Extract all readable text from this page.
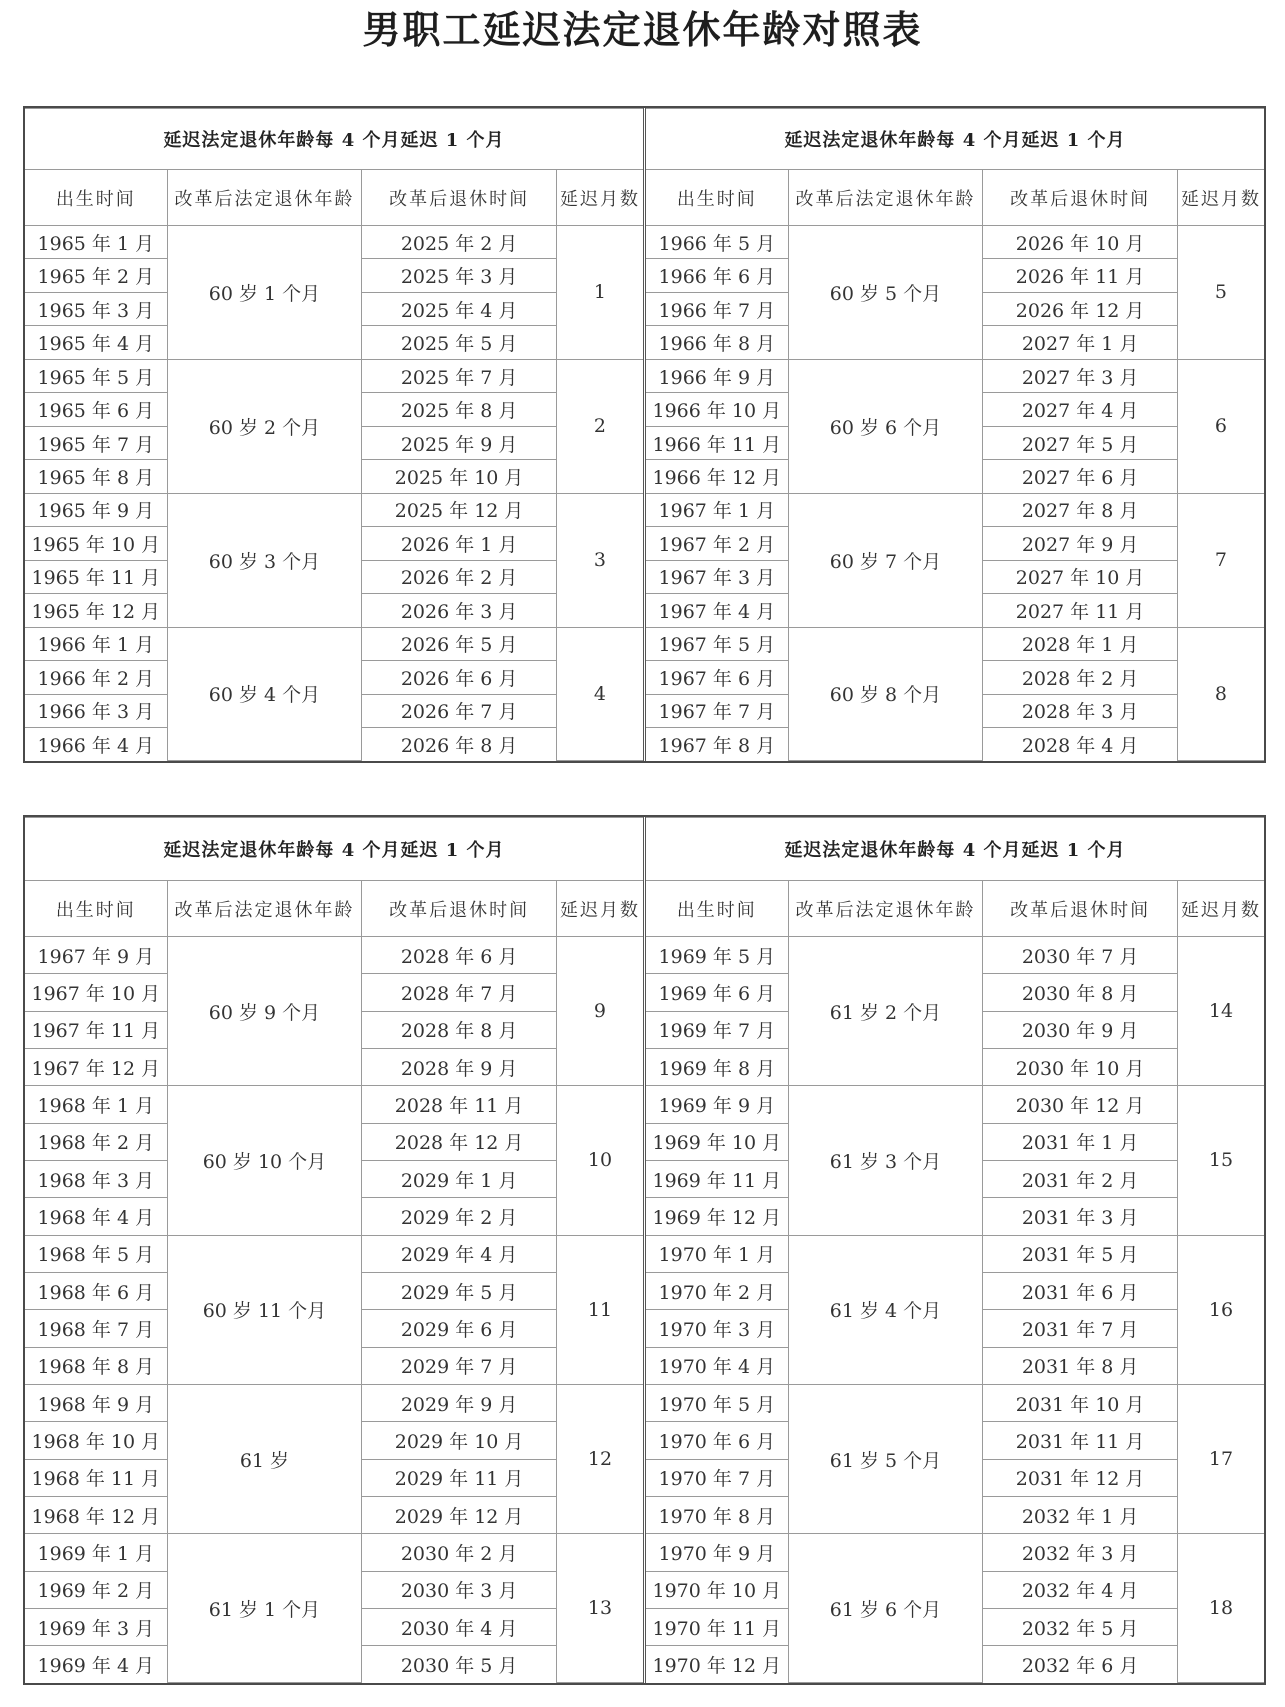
男职工延迟法定退休年龄对照表
延迟法定退休年龄每 4 个月延迟 1 个月			
出生时间	改革后法定退休年龄	改革后退休时间	延迟月数
1965 年 1 月	60 岁 1 个月	2025 年 2 月	1
1965 年 2 月		2025 年 3 月	
1965 年 3 月		2025 年 4 月	
1965 年 4 月		2025 年 5 月	
1965 年 5 月	60 岁 2 个月	2025 年 7 月	2
1965 年 6 月		2025 年 8 月	
1965 年 7 月		2025 年 9 月	
1965 年 8 月		2025 年 10 月	
1965 年 9 月	60 岁 3 个月	2025 年 12 月	3
1965 年 10 月		2026 年 1 月	
1965 年 11 月		2026 年 2 月	
1965 年 12 月		2026 年 3 月	
1966 年 1 月	60 岁 4 个月	2026 年 5 月	4
1966 年 2 月		2026 年 6 月	
1966 年 3 月		2026 年 7 月	
1966 年 4 月		2026 年 8 月	
延迟法定退休年龄每 4 个月延迟 1 个月			
出生时间	改革后法定退休年龄	改革后退休时间	延迟月数
1966 年 5 月	60 岁 5 个月	2026 年 10 月	5
1966 年 6 月		2026 年 11 月	
1966 年 7 月		2026 年 12 月	
1966 年 8 月		2027 年 1 月	
1966 年 9 月	60 岁 6 个月	2027 年 3 月	6
1966 年 10 月		2027 年 4 月	
1966 年 11 月		2027 年 5 月	
1966 年 12 月		2027 年 6 月	
1967 年 1 月	60 岁 7 个月	2027 年 8 月	7
1967 年 2 月		2027 年 9 月	
1967 年 3 月		2027 年 10 月	
1967 年 4 月		2027 年 11 月	
1967 年 5 月	60 岁 8 个月	2028 年 1 月	8
1967 年 6 月		2028 年 2 月	
1967 年 7 月		2028 年 3 月	
1967 年 8 月		2028 年 4 月	
延迟法定退休年龄每 4 个月延迟 1 个月			
出生时间	改革后法定退休年龄	改革后退休时间	延迟月数
1967 年 9 月	60 岁 9 个月	2028 年 6 月	9
1967 年 10 月		2028 年 7 月	
1967 年 11 月		2028 年 8 月	
1967 年 12 月		2028 年 9 月	
1968 年 1 月	60 岁 10 个月	2028 年 11 月	10
1968 年 2 月		2028 年 12 月	
1968 年 3 月		2029 年 1 月	
1968 年 4 月		2029 年 2 月	
1968 年 5 月	60 岁 11 个月	2029 年 4 月	11
1968 年 6 月		2029 年 5 月	
1968 年 7 月		2029 年 6 月	
1968 年 8 月		2029 年 7 月	
1968 年 9 月	61 岁	2029 年 9 月	12
1968 年 10 月		2029 年 10 月	
1968 年 11 月		2029 年 11 月	
1968 年 12 月		2029 年 12 月	
1969 年 1 月	61 岁 1 个月	2030 年 2 月	13
1969 年 2 月		2030 年 3 月	
1969 年 3 月		2030 年 4 月	
1969 年 4 月		2030 年 5 月	
延迟法定退休年龄每 4 个月延迟 1 个月			
出生时间	改革后法定退休年龄	改革后退休时间	延迟月数
1969 年 5 月	61 岁 2 个月	2030 年 7 月	14
1969 年 6 月		2030 年 8 月	
1969 年 7 月		2030 年 9 月	
1969 年 8 月		2030 年 10 月	
1969 年 9 月	61 岁 3 个月	2030 年 12 月	15
1969 年 10 月		2031 年 1 月	
1969 年 11 月		2031 年 2 月	
1969 年 12 月		2031 年 3 月	
1970 年 1 月	61 岁 4 个月	2031 年 5 月	16
1970 年 2 月		2031 年 6 月	
1970 年 3 月		2031 年 7 月	
1970 年 4 月		2031 年 8 月	
1970 年 5 月	61 岁 5 个月	2031 年 10 月	17
1970 年 6 月		2031 年 11 月	
1970 年 7 月		2031 年 12 月	
1970 年 8 月		2032 年 1 月	
1970 年 9 月	61 岁 6 个月	2032 年 3 月	18
1970 年 10 月		2032 年 4 月	
1970 年 11 月		2032 年 5 月	
1970 年 12 月		2032 年 6 月	
